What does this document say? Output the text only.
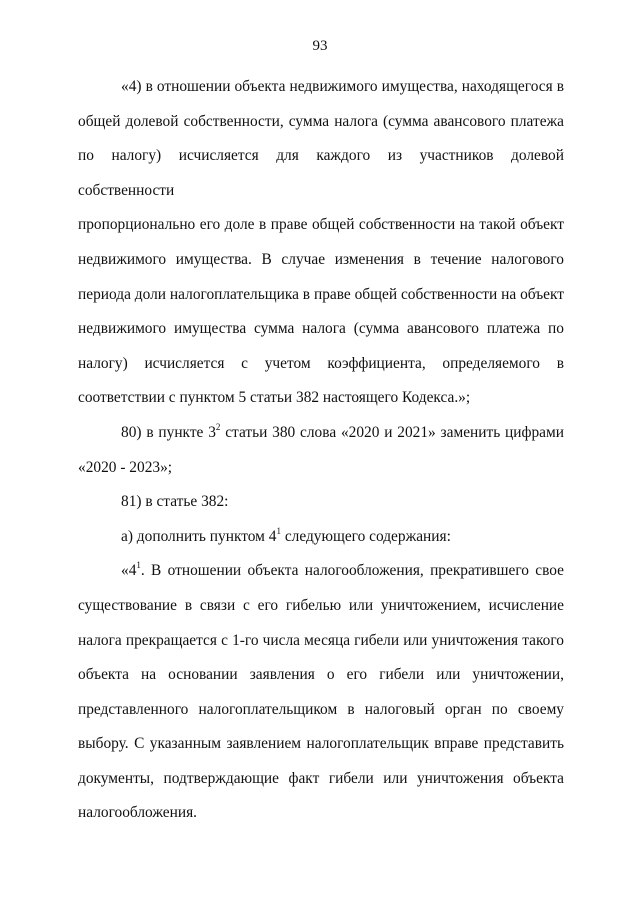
93
«4) в отношении объекта недвижимого имущества, находящегося в
общей долевой собственности, сумма налога (сумма авансового платежа
по налогу) исчисляется для каждого из участников долевой собственности
пропорционально его доле в праве общей собственности на такой объект
недвижимого имущества. В случае изменения в течение налогового
периода доли налогоплательщика в праве общей собственности на объект
недвижимого имущества сумма налога (сумма авансового платежа по
налогу) исчисляется с учетом коэффициента, определяемого в
соответствии с пунктом 5 статьи 382 настоящего Кодекса.»;
80) в пункте $3^2$ статьи 380 слова «2020 и 2021» заменить цифрами
«2020 - 2023»;
81) в статье 382:
а) дополнить пунктом $4^1$ следующего содержания:
«$4^1$. В отношении объекта налогообложения, прекратившего свое
существование в связи с его гибелью или уничтожением, исчисление
налога прекращается с 1-го числа месяца гибели или уничтожения такого
объекта на основании заявления о его гибели или уничтожении,
представленного налогоплательщиком в налоговый орган по своему
выбору. С указанным заявлением налогоплательщик вправе представить
документы, подтверждающие факт гибели или уничтожения объекта
налогообложения.
